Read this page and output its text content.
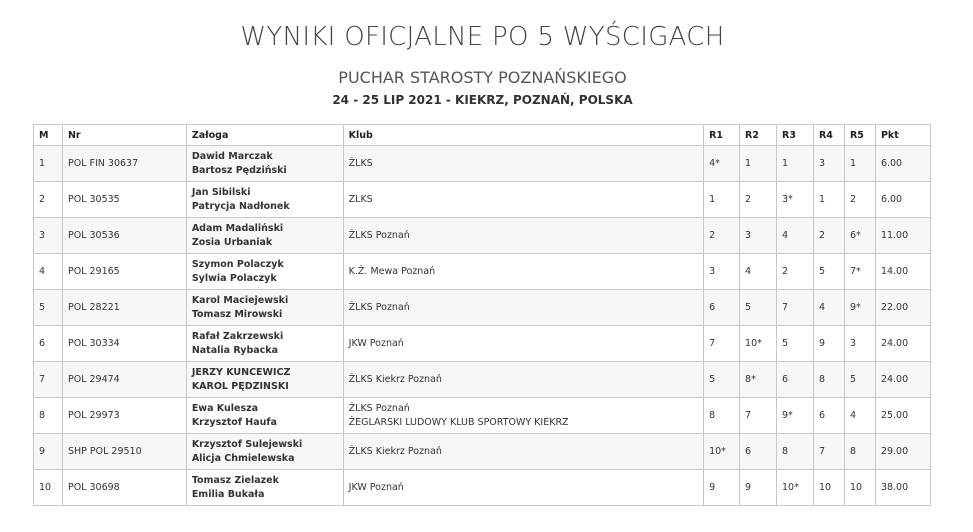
WYNIKI OFICJALNE PO 5 WYŚCIGACH
PUCHAR STAROSTY POZNAŃSKIEGO
24 - 25 LIP 2021 - KIEKRZ, POZNAŃ, POLSKA
M	Nr	Załoga	Klub	R1	R2	R3	R4	R5	Pkt
1	POL FIN 30637	Dawid Marczak
Bartosz Pędziński	ŻLKS	4*	1	1	3	1	6.00
2	POL 30535	Jan Sibilski
Patrycja Nadłonek	ZLKS	1	2	3*	1	2	6.00
3	POL 30536	Adam Madaliński
Zosia Urbaniak	ŻLKS Poznań	2	3	4	2	6*	11.00
4	POL 29165	Szymon Polaczyk
Sylwia Polaczyk	K.Ż. Mewa Poznań	3	4	2	5	7*	14.00
5	POL 28221	Karol Maciejewski
Tomasz Mirowski	ŻLKS Poznań	6	5	7	4	9*	22.00
6	POL 30334	Rafał Zakrzewski
Natalia Rybacka	JKW Poznań	7	10*	5	9	3	24.00
7	POL 29474	JERZY KUNCEWICZ
KAROL PĘDZINSKI	ŻLKS Kiekrz Poznań	5	8*	6	8	5	24.00
8	POL 29973	Ewa Kulesza
Krzysztof Haufa	ŻLKS Poznań
ŻEGLARSKI LUDOWY KLUB SPORTOWY KIEKRZ	8	7	9*	6	4	25.00
9	SHP POL 29510	Krzysztof Sulejewski
Alicja Chmielewska	ŻLKS Kiekrz Poznań	10*	6	8	7	8	29.00
10	POL 30698	Tomasz Zielazek
Emilia Bukała	JKW Poznań	9	9	10*	10	10	38.00
